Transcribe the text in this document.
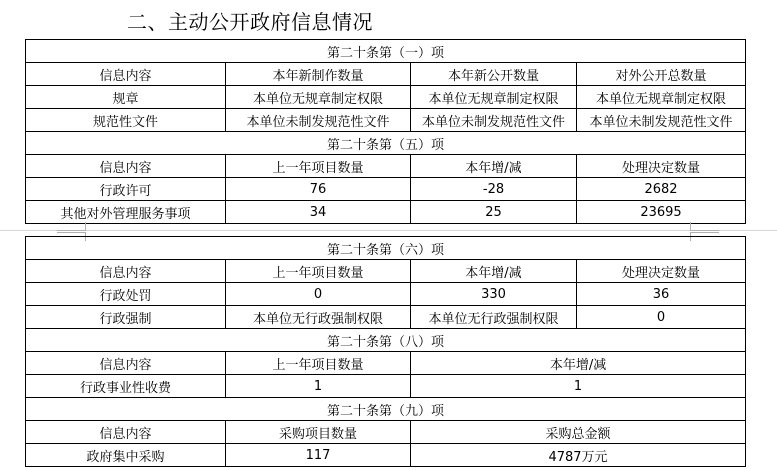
二、主动公开政府信息情况
第二十条第（一）项			
信息内容	本年新制作数量	本年新公开数量	对外公开总数量
规章	本单位无规章制定权限	本单位无规章制定权限	本单位无规章制定权限
规范性文件	本单位未制发规范性文件	本单位未制发规范性文件	本单位未制发规范性文件
第二十条第（五）项			
信息内容	上一年项目数量	本年增/减	处理决定数量
行政许可	76	-28	2682
其他对外管理服务事项	34	25	23695
第二十条第（六）项			
信息内容	上一年项目数量	本年增/减	处理决定数量
行政处罚	0	330	36
行政强制	本单位无行政强制权限	本单位无行政强制权限	0
第二十条第（八）项			
信息内容	上一年项目数量	本年增/减	
行政事业性收费	1	1	
第二十条第（九）项			
信息内容	采购项目数量	采购总金额	
政府集中采购	117	4787万元	
